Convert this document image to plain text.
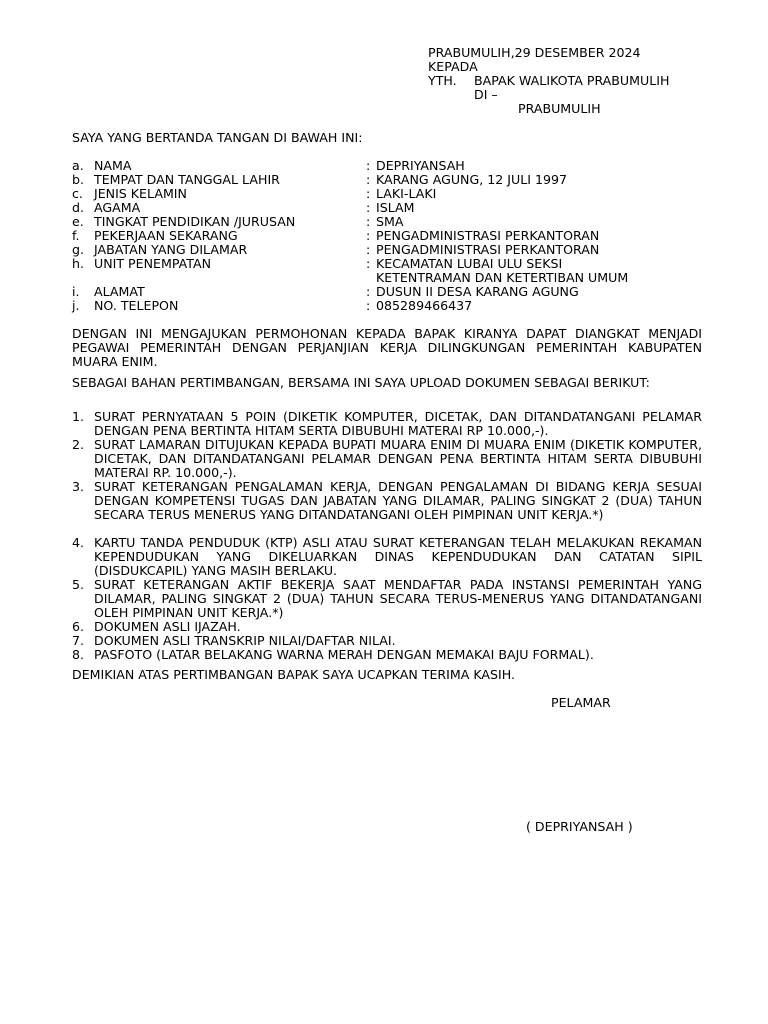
PRABUMULIH,29 DESEMBER 2024
KEPADA
YTH. BAPAK WALIKOTA PRABUMULIH
DI –
PRABUMULIH
SAYA YANG BERTANDA TANGAN DI BAWAH INI:
a. NAMA	: DEPRIYANSAH
b. TEMPAT DAN TANGGAL LAHIR	: KARANG AGUNG, 12 JULI 1997
c. JENIS KELAMIN	: LAKI-LAKI
d. AGAMA	: ISLAM
e. TINGKAT PENDIDIKAN /JURUSAN	: SMA
f. PEKERJAAN SEKARANG	: PENGADMINISTRASI PERKANTORAN
g. JABATAN YANG DILAMAR	: PENGADMINISTRASI PERKANTORAN
h. UNIT PENEMPATAN	: KECAMATAN LUBAI ULU SEKSI
KETENTRAMAN DAN KETERTIBAN UMUM
i. ALAMAT	: DUSUN II DESA KARANG AGUNG
j. NO. TELEPON	: 085289466437
DENGAN INI MENGAJUKAN PERMOHONAN KEPADA BAPAK KIRANYA DAPAT DIANGKAT MENJADI PEGAWAI PEMERINTAH DENGAN PERJANJIAN KERJA DILINGKUNGAN PEMERINTAH KABUPATEN MUARA ENIM.
SEBAGAI BAHAN PERTIMBANGAN, BERSAMA INI SAYA UPLOAD DOKUMEN SEBAGAI BERIKUT:
1. SURAT PERNYATAAN 5 POIN (DIKETIK KOMPUTER, DICETAK, DAN DITANDATANGANI PELAMAR DENGAN PENA BERTINTA HITAM SERTA DIBUBUHI MATERAI RP 10.000,-).
2. SURAT LAMARAN DITUJUKAN KEPADA BUPATI MUARA ENIM DI MUARA ENIM (DIKETIK KOMPUTER, DICETAK, DAN DITANDATANGANI PELAMAR DENGAN PENA BERTINTA HITAM SERTA DIBUBUHI MATERAI RP. 10.000,-).
3. SURAT KETERANGAN PENGALAMAN KERJA, DENGAN PENGALAMAN DI BIDANG KERJA SESUAI DENGAN KOMPETENSI TUGAS DAN JABATAN YANG DILAMAR, PALING SINGKAT 2 (DUA) TAHUN SECARA TERUS MENERUS YANG DITANDATANGANI OLEH PIMPINAN UNIT KERJA.*)
4. KARTU TANDA PENDUDUK (KTP) ASLI ATAU SURAT KETERANGAN TELAH MELAKUKAN REKAMAN KEPENDUDUKAN YANG DIKELUARKAN DINAS KEPENDUDUKAN DAN CATATAN SIPIL (DISDUKCAPIL) YANG MASIH BERLAKU.
5. SURAT KETERANGAN AKTIF BEKERJA SAAT MENDAFTAR PADA INSTANSI PEMERINTAH YANG DILAMAR, PALING SINGKAT 2 (DUA) TAHUN SECARA TERUS-MENERUS YANG DITANDATANGANI OLEH PIMPINAN UNIT KERJA.*)
6. DOKUMEN ASLI IJAZAH.
7. DOKUMEN ASLI TRANSKRIP NILAI/DAFTAR NILAI.
8. PASFOTO (LATAR BELAKANG WARNA MERAH DENGAN MEMAKAI BAJU FORMAL).
DEMIKIAN ATAS PERTIMBANGAN BAPAK SAYA UCAPKAN TERIMA KASIH.
PELAMAR
( DEPRIYANSAH )
